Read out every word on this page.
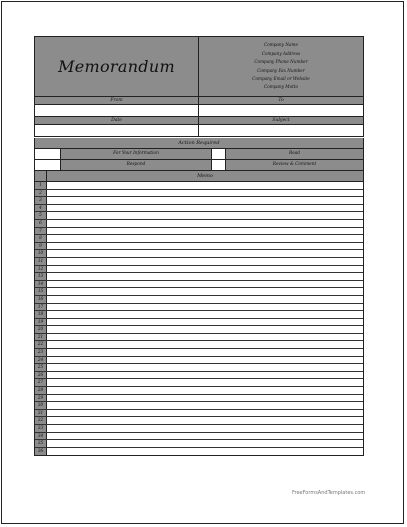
Memorandum
Company Name
Company Address
Company Phone Number
Company Fax Number
Company Email or Website
Company Motto
From	To
Date	Subject
Action Required
For Your Information	Read
Respond	Review & Comment
Memo
1
2
3
4
5
6
7
8
9
10
11
12
13
14
15
16
17
18
19
20
21
22
23
24
25
26
27
28
29
30
31
32
33
34
35
36
FreeFormsAndTemplates.com
